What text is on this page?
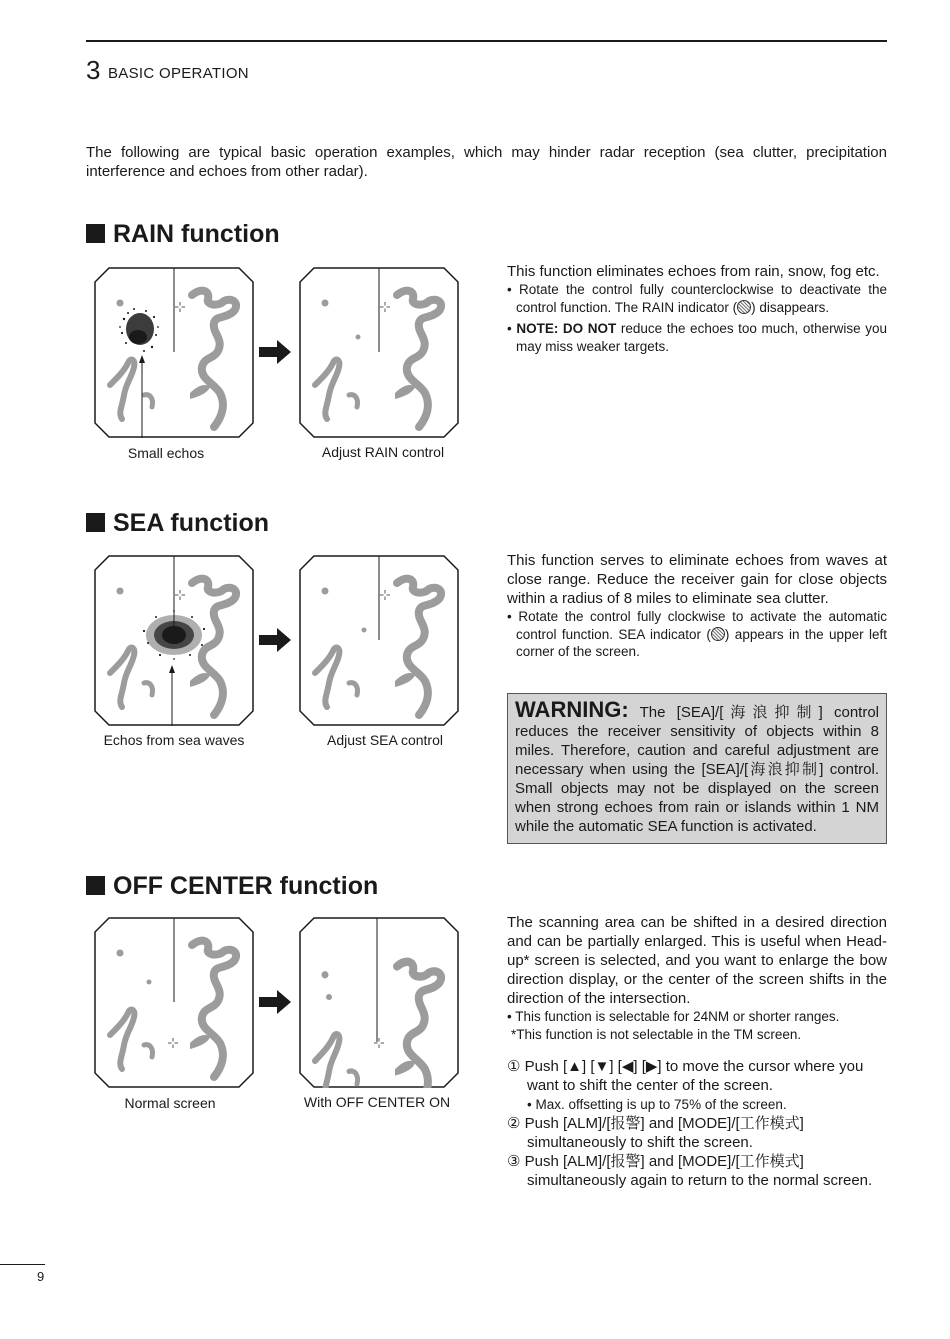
3 BASIC OPERATION
The following are typical basic operation examples, which may hinder radar reception (sea clutter, precipitation interference and echoes from other radar).
RAIN function
Small echos	Adjust RAIN control
This function eliminates echoes from rain, snow, fog etc.
• Rotate the control fully counterclockwise to deactivate the control function. The RAIN indicator ( ) disappears.
• NOTE: DO NOT reduce the echoes too much, otherwise you may miss weaker targets.
SEA function
Echos from sea waves	Adjust SEA control
This function serves to eliminate echoes from waves at close range. Reduce the receiver gain for close objects within a radius of 8 miles to eliminate sea clutter.
• Rotate the control fully clockwise to activate the automatic control function. SEA indicator ( ) appears in the upper left corner of the screen.
WARNING: The [SEA]/[海浪抑制] control reduces the receiver sensitivity of objects within 8 miles. Therefore, caution and careful adjustment are necessary when using the [SEA]/[海浪抑制] control. Small objects may not be displayed on the screen when strong echoes from rain or islands within 1 NM while the automatic SEA function is activated.
OFF CENTER function
Normal screen	With OFF CENTER ON
The scanning area can be shifted in a desired direction and can be partially enlarged. This is useful when Head-up* screen is selected, and you want to enlarge the bow direction display, or the center of the screen shifts in the direction of the intersection.
• This function is selectable for 24NM or shorter ranges.
*This function is not selectable in the TM screen.
① Push [▲] [▼] [◀] [▶] to move the cursor where you want to shift the center of the screen.
• Max. offsetting is up to 75% of the screen.
② Push [ALM]/[报警] and [MODE]/[工作模式] simultaneously to shift the screen.
③ Push [ALM]/[报警] and [MODE]/[工作模式] simultaneously again to return to the normal screen.
9
